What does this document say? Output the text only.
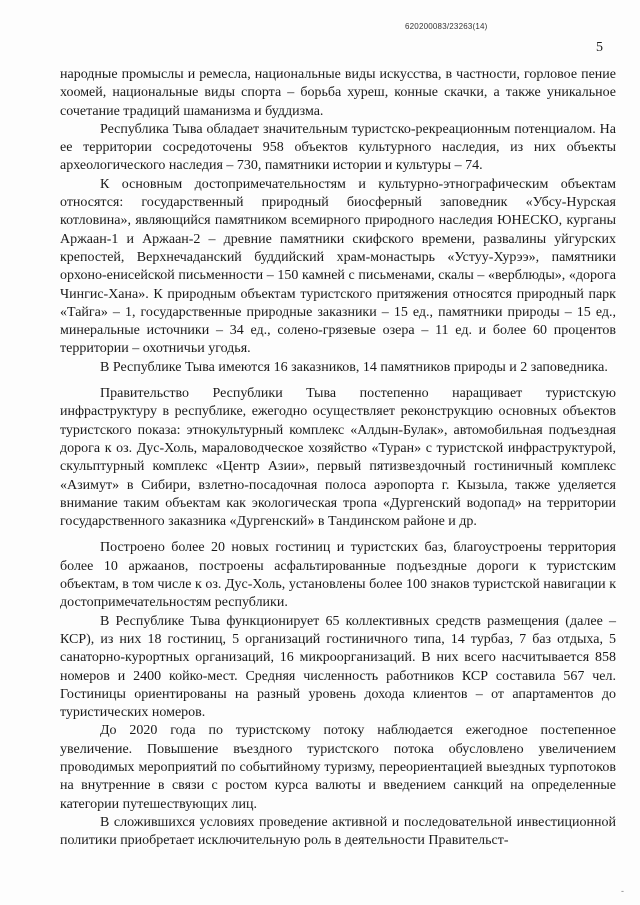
620200083/23263(14)
5

народные промыслы и ремесла, национальные виды искусства, в частности, горловое пение хоомей, национальные виды спорта – борьба хуреш, конные скачки, а также уникальное сочетание традиций шаманизма и буддизма.

Республика Тыва обладает значительным туристско-рекреационным потенциалом. На ее территории сосредоточены 958 объектов культурного наследия, из них объекты археологического наследия – 730, памятники истории и культуры – 74.

К основным достопримечательностям и культурно-этнографическим объектам относятся: государственный природный биосферный заповедник «Убсу-Нурская котловина», являющийся памятником всемирного природного наследия ЮНЕСКО, курганы Аржаан-1 и Аржаан-2 – древние памятники скифского времени, развалины уйгурских крепостей, Верхнечаданский буддийский храм-монастырь «Устуу-Хурээ», памятники орхоно-енисейской письменности – 150 камней с письменами, скалы – «верблюды», «дорога Чингис-Хана». К природным объектам туристского притяжения относятся природный парк «Тайга» – 1, государственные природные заказники – 15 ед., памятники природы – 15 ед., минеральные источники – 34 ед., солено-грязевые озера – 11 ед. и более 60 процентов территории – охотничьи угодья.

В Республике Тыва имеются 16 заказников, 14 памятников природы и 2 заповедника.

Правительство Республики Тыва постепенно наращивает туристскую инфраструктуру в республике, ежегодно осуществляет реконструкцию основных объектов туристского показа: этнокультурный комплекс «Алдын-Булак», автомобильная подъездная дорога к оз. Дус-Холь, мараловодческое хозяйство «Туран» с туристской инфраструктурой, скульптурный комплекс «Центр Азии», первый пятизвездочный гостиничный комплекс «Азимут» в Сибири, взлетно-посадочная полоса аэропорта г. Кызыла, также уделяется внимание таким объектам как экологическая тропа «Дургенский водопад» на территории государственного заказника «Дургенский» в Тандинском районе и др.

Построено более 20 новых гостиниц и туристских баз, благоустроены территория более 10 аржаанов, построены асфальтированные подъездные дороги к туристским объектам, в том числе к оз. Дус-Холь, установлены более 100 знаков туристской навигации к достопримечательностям республики.

В Республике Тыва функционирует 65 коллективных средств размещения (далее – КСР), из них 18 гостиниц, 5 организаций гостиничного типа, 14 турбаз, 7 баз отдыха, 5 санаторно-курортных организаций, 16 микроорганизаций. В них всего насчитывается 858 номеров и 2400 койко-мест. Средняя численность работников КСР составила 567 чел. Гостиницы ориентированы на разный уровень дохода клиентов – от апартаментов до туристических номеров.

До 2020 года по туристскому потоку наблюдается ежегодное постепенное увеличение. Повышение въездного туристского потока обусловлено увеличением проводимых мероприятий по событийному туризму, переориентацией выездных турпотоков на внутренние в связи с ростом курса валюты и введением санкций на определенные категории путешествующих лиц.

В сложившихся условиях проведение активной и последовательной инвестиционной политики приобретает исключительную роль в деятельности Правительст-

-
